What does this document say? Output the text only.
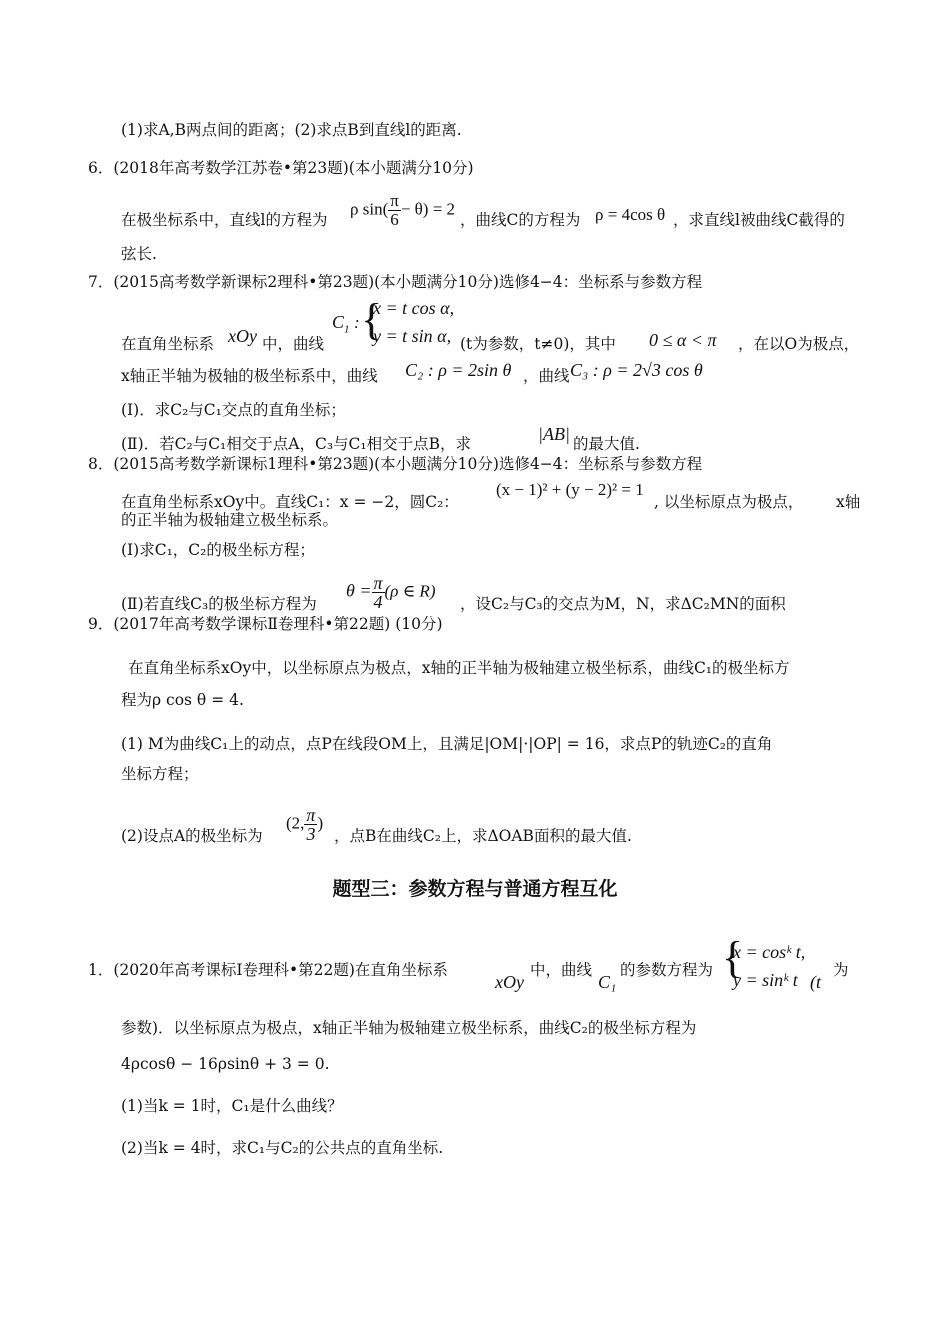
(1)求A,B两点间的距离；(2)求点B到直线l的距离.
6．(2018年高考数学江苏卷•第23题)(本小题满分10分)
在极坐标系中，直线l的方程为
ρ $\sin( \frac{\pi}{6} - \theta) = 2$
，曲线C的方程为 ρ = 4cos θ ，求直线l被曲线C截得的
弦长.
7．(2015高考数学新课标2理科•第23题)(本小题满分10分)选修4−4：坐标系与参数方程
在直角坐标系 xOy 中，曲线
$C_1$ : {
x = t cos α,
y = t sin α, (t为参数，t≠0)，其中 0 ≤ α < π ，在以O为极点，
x轴正半轴为极轴的极坐标系中，曲线 C₂ : ρ = 2sin θ ，曲线 C₃ : ρ = 2√3 cos θ
(Ⅰ)．求C₂与C₁交点的直角坐标；
(Ⅱ)．若C₂与C₁相交于点A，C₃与C₁相交于点B，求	|AB| 的最大值.
8．(2015高考数学新课标1理科•第23题)(本小题满分10分)选修4−4：坐标系与参数方程
在直角坐标系xOy中。直线C₁：x = −2，圆C₂：
(x − 1)² + (y − 2)² = 1
, 以坐标原点为极点， x轴
的正半轴为极轴建立极坐标系。
(Ⅰ)求C₁，C₂的极坐标方程；
(Ⅱ)若直线C₃的极坐标方程为
$\theta = \frac{\pi}{4} (\rho$ ∈ R)
，设C₂与C₃的交点为M，N，求ΔC₂MN的面积
9．(2017年高考数学课标Ⅱ卷理科•第22题) (10分)
在直角坐标系xOy中，以坐标原点为极点，x轴的正半轴为极轴建立极坐标系，曲线C₁的极坐标方
程为ρ cos θ = 4.
(1) M为曲线C₁上的动点，点P在线段OM上，且满足|OM|·|OP| = 16，求点P的轨迹C₂的直角
坐标方程；
(2)设点A的极坐标为
(2, $\frac{\pi}{3}$ )
，点B在曲线C₂上，求ΔOAB面积的最大值.
题型三：参数方程与普通方程互化
1．(2020年高考课标Ⅰ卷理科•第22题)在直角坐标系
xOy
中，曲线
C₁
的参数方程为 {
x = cosᵏ t,
y = sinᵏ t (t
为
参数)．以坐标原点为极点，x轴正半轴为极轴建立极坐标系，曲线C₂的极坐标方程为
4ρcosθ − 16ρsinθ + 3 = 0.
(1)当k = 1时，C₁是什么曲线？
(2)当k = 4时，求C₁与C₂的公共点的直角坐标.
